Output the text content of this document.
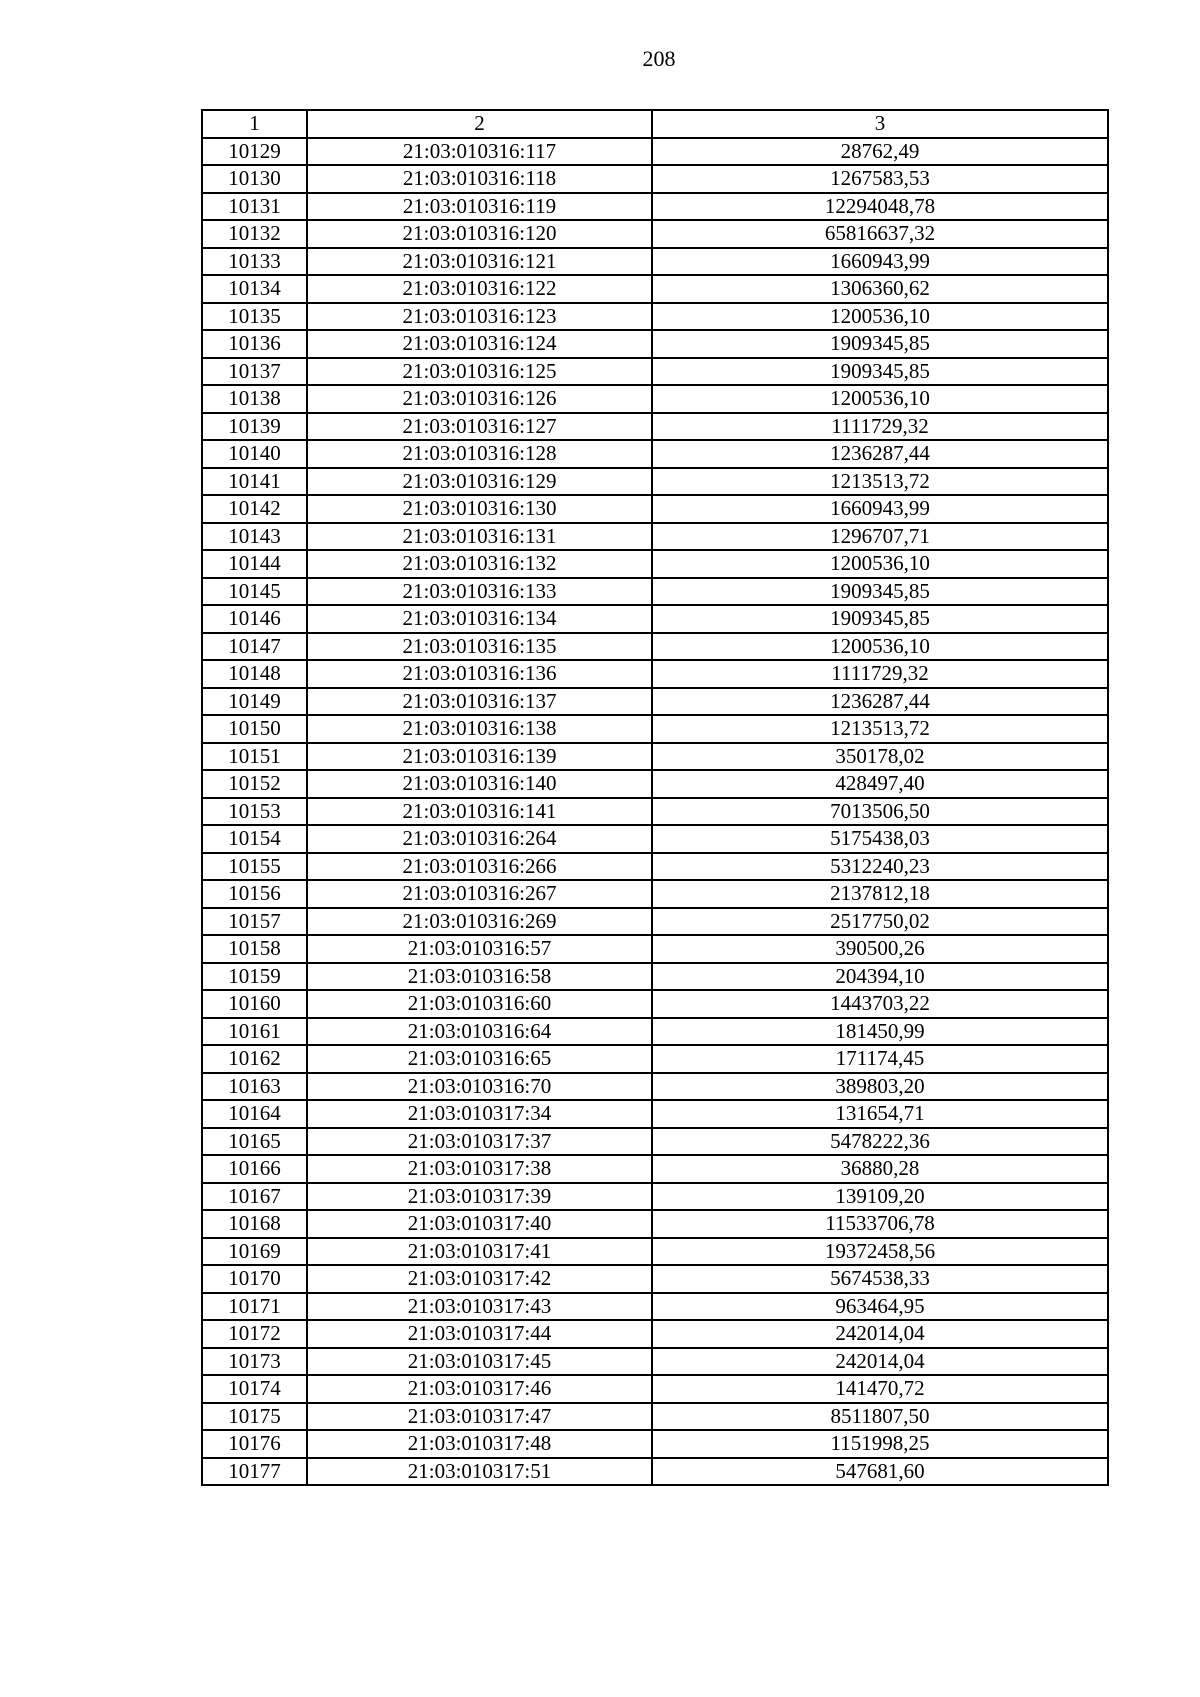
208
1	2	3
10129	21:03:010316:117	28762,49
10130	21:03:010316:118	1267583,53
10131	21:03:010316:119	12294048,78
10132	21:03:010316:120	65816637,32
10133	21:03:010316:121	1660943,99
10134	21:03:010316:122	1306360,62
10135	21:03:010316:123	1200536,10
10136	21:03:010316:124	1909345,85
10137	21:03:010316:125	1909345,85
10138	21:03:010316:126	1200536,10
10139	21:03:010316:127	1111729,32
10140	21:03:010316:128	1236287,44
10141	21:03:010316:129	1213513,72
10142	21:03:010316:130	1660943,99
10143	21:03:010316:131	1296707,71
10144	21:03:010316:132	1200536,10
10145	21:03:010316:133	1909345,85
10146	21:03:010316:134	1909345,85
10147	21:03:010316:135	1200536,10
10148	21:03:010316:136	1111729,32
10149	21:03:010316:137	1236287,44
10150	21:03:010316:138	1213513,72
10151	21:03:010316:139	350178,02
10152	21:03:010316:140	428497,40
10153	21:03:010316:141	7013506,50
10154	21:03:010316:264	5175438,03
10155	21:03:010316:266	5312240,23
10156	21:03:010316:267	2137812,18
10157	21:03:010316:269	2517750,02
10158	21:03:010316:57	390500,26
10159	21:03:010316:58	204394,10
10160	21:03:010316:60	1443703,22
10161	21:03:010316:64	181450,99
10162	21:03:010316:65	171174,45
10163	21:03:010316:70	389803,20
10164	21:03:010317:34	131654,71
10165	21:03:010317:37	5478222,36
10166	21:03:010317:38	36880,28
10167	21:03:010317:39	139109,20
10168	21:03:010317:40	11533706,78
10169	21:03:010317:41	19372458,56
10170	21:03:010317:42	5674538,33
10171	21:03:010317:43	963464,95
10172	21:03:010317:44	242014,04
10173	21:03:010317:45	242014,04
10174	21:03:010317:46	141470,72
10175	21:03:010317:47	8511807,50
10176	21:03:010317:48	1151998,25
10177	21:03:010317:51	547681,60
